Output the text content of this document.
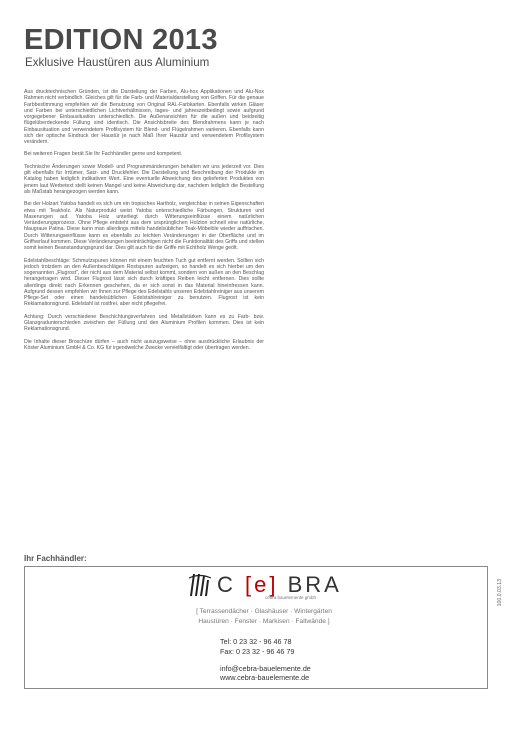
EDITION 2013
Exklusive Haustüren aus Aluminium

Aus drucktechnischen Gründen, ist die Darstellung der Farben, Alu-hox Applikationen und Alu-Nox Rahmen nicht verbindlich. Gleiches gilt für die Farb- und Materialdarstellung von Griffen. Für die genaue Farbbestimmung empfehlen wir die Benutzung von Original RAL-Farbkarten. Ebenfalls wirken Gläser und Farben bei unterschiedlichen Lichtverhältnissen, tages- und jahreszeitbedingt sowie aufgrund vorgegebener Einbausituation unterschiedlich. Die Außenansichten für die außen und beidseitig flügelüberdeckende Füllung sind identisch. Die Ansichtsbreite des Blendrahmens kann je nach Einbausituation und verwendetem Profilsystem für Blend- und Flügelrahmen variieren. Ebenfalls kann sich der optische Eindruck der Haustür je nach Maß Ihrer Haustür und verwendetem Profilsystem verändern.

Bei weiteren Fragen berät Sie Ihr Fachhändler gerne und kompetent.

Technische Änderungen sowie Modell- und Programmänderungen behalten wir uns jederzeit vor. Dies gilt ebenfalls für Irrtümer, Satz- und Druckfehler. Die Darstellung und Beschreibung der Produkte im Katalog haben lediglich indikativen Wert. Eine eventuelle Abweichung des gelieferten Produktes von jenem laut Werbetext stellt keinen Mangel und keine Abweichung dar, nachdem lediglich die Bestellung als Maßstab herangezogen werden kann.

Bei der Holzart Yatoba handelt es sich um ein tropisches Hartholz, vergleichbar in seinen Eigenschaften etwa mit Teakholz. Als Naturprodukt weist Yatoba unterschiedliche Färbungen, Strukturen und Maserungen auf. Yatoba Holz unterliegt durch Witterungseinflüsse einem natürlichen Veränderungsprozess. Ohne Pflege entsteht aus dem ursprünglichen Holzton schnell eine natürliche, hlaugraue Patina. Diese kann man allerdings mittels handelsüblicher Teak-Möbelöle wieder auffrischen. Durch Witterungseinflüsse kann es ebenfalls zu leichten Veränderungen in der Oberfläche und im Griffverlauf kommen. Diese Veränderungen beeinträchtigen nicht die Funktionalität des Griffs und stellen somit keinen Beanstandungsgrund dar. Dies gilt auch für die Griffe mit Echtholz Wenge geölt.

Edelstahlbeschläge: Schmutzspuren können mit einem feuchten Tuch gut entfernt werden. Sollten sich jedoch trotzdem an den Außenbeschlägen Rostspuren aufzeigen, so handelt es sich hierbei um den sogenannten „Flugrost", der nicht aus dem Material selbst kommt, sondern von außen an den Beschlag herangetragen wird. Dieser Flugrost lässt sich durch kräftiges Reiben leicht entfernen. Dies sollte allerdings direkt nach Erkennen geschehen, da er sich sonst in das Material hineinfressen kann. Aufgrund dessen empfehlen wir Ihnen zur Pflege des Edelstahls unseren Edelstahlreiniger aus unserem Pflege-Set oder einen handelsüblichen Edelstahlreiniger zu benutzen. Flugrost ist kein Reklamationsgrund. Edelstahl ist rostfrei, aber nicht pflegefrei.

Achtung: Durch verschiedene Beschichtungsverfahren und Metallstärken kann es zu Farb- bzw. Glanzgradunterschieden zwischen der Füllung und den Aluminium Profilen kommen. Dies ist kein Reklamationsgrund.

Die Inhalte dieser Broschüre dürfen – auch nicht auszugsweise – ohne ausdrückliche Erlaubnis der Köster Aluminium GmbH & Co. KG für irgendwelche Zwecke vervielfältigt oder übertragen werden.

Ihr Fachhändler:
C [e] BRA
cebra bauelemente gmbh
[ Terrassendächer · Glashäuser · Wintergärten
Haustüren · Fenster · Markisen · Faltwände ]
Tel: 0 23 32 - 96 46 78
Fax: 0 23 32 - 96 46 79
info@cebra-bauelemente.de
www.cebra-bauelemente.de
100.0.03.13
